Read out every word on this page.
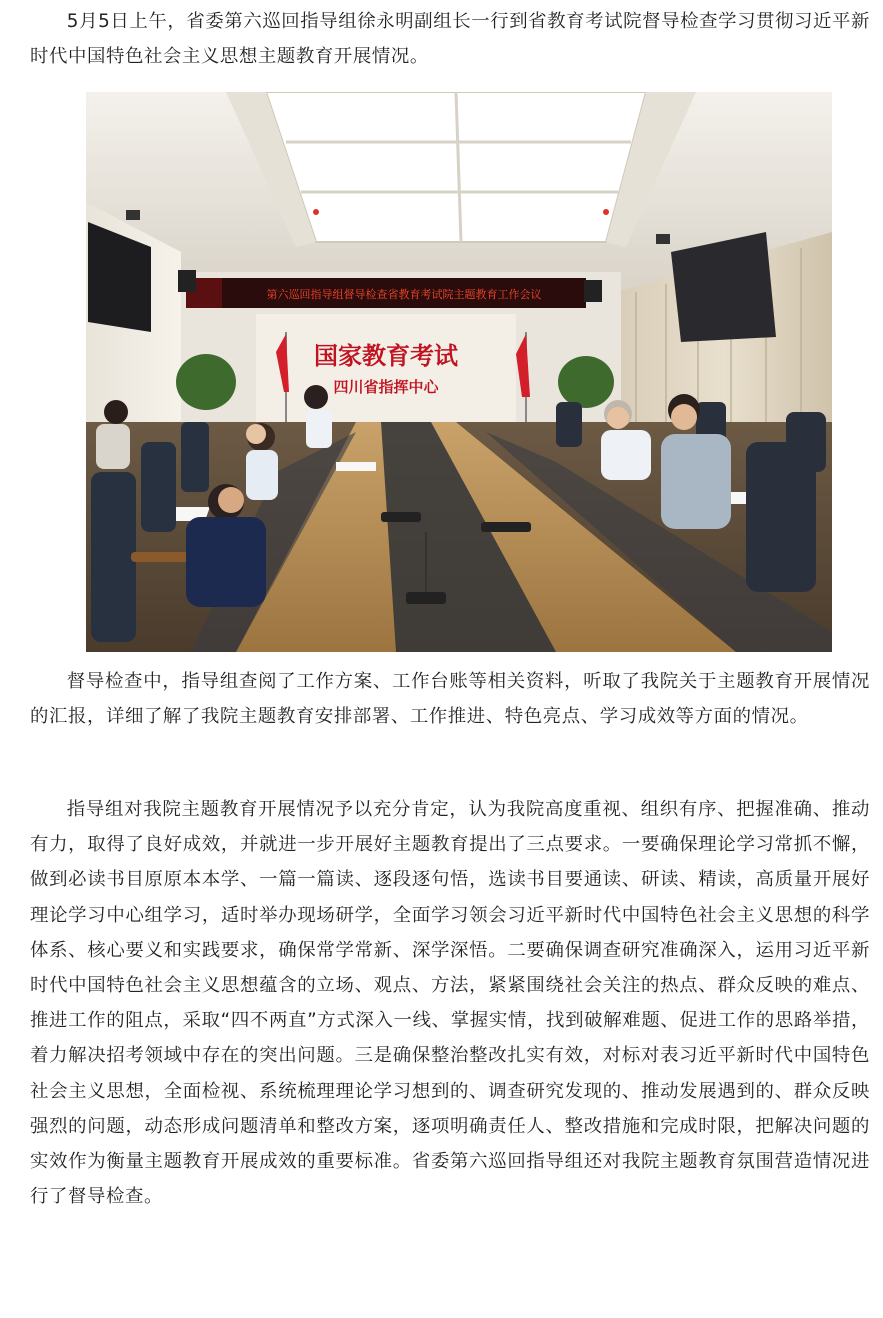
5月5日上午，省委第六巡回指导组徐永明副组长一行到省教育考试院督导检查学习贯彻习近平新时代中国特色社会主义思想主题教育开展情况。

第六巡回指导组督导检查省教育考试院主题教育工作会议
国家教育考试
四川省指挥中心

督导检查中，指导组查阅了工作方案、工作台账等相关资料，听取了我院关于主题教育开展情况的汇报，详细了解了我院主题教育安排部署、工作推进、特色亮点、学习成效等方面的情况。

指导组对我院主题教育开展情况予以充分肯定，认为我院高度重视、组织有序、把握准确、推动有力，取得了良好成效，并就进一步开展好主题教育提出了三点要求。一要确保理论学习常抓不懈，做到必读书目原原本本学、一篇一篇读、逐段逐句悟，选读书目要通读、研读、精读，高质量开展好理论学习中心组学习，适时举办现场研学，全面学习领会习近平新时代中国特色社会主义思想的科学体系、核心要义和实践要求，确保常学常新、深学深悟。二要确保调查研究准确深入，运用习近平新时代中国特色社会主义思想蕴含的立场、观点、方法，紧紧围绕社会关注的热点、群众反映的难点、推进工作的阻点，采取“四不两直”方式深入一线、掌握实情，找到破解难题、促进工作的思路举措，着力解决招考领域中存在的突出问题。三是确保整治整改扎实有效，对标对表习近平新时代中国特色社会主义思想，全面检视、系统梳理理论学习想到的、调查研究发现的、推动发展遇到的、群众反映强烈的问题，动态形成问题清单和整改方案，逐项明确责任人、整改措施和完成时限，把解决问题的实效作为衡量主题教育开展成效的重要标准。省委第六巡回指导组还对我院主题教育氛围营造情况进行了督导检查。
